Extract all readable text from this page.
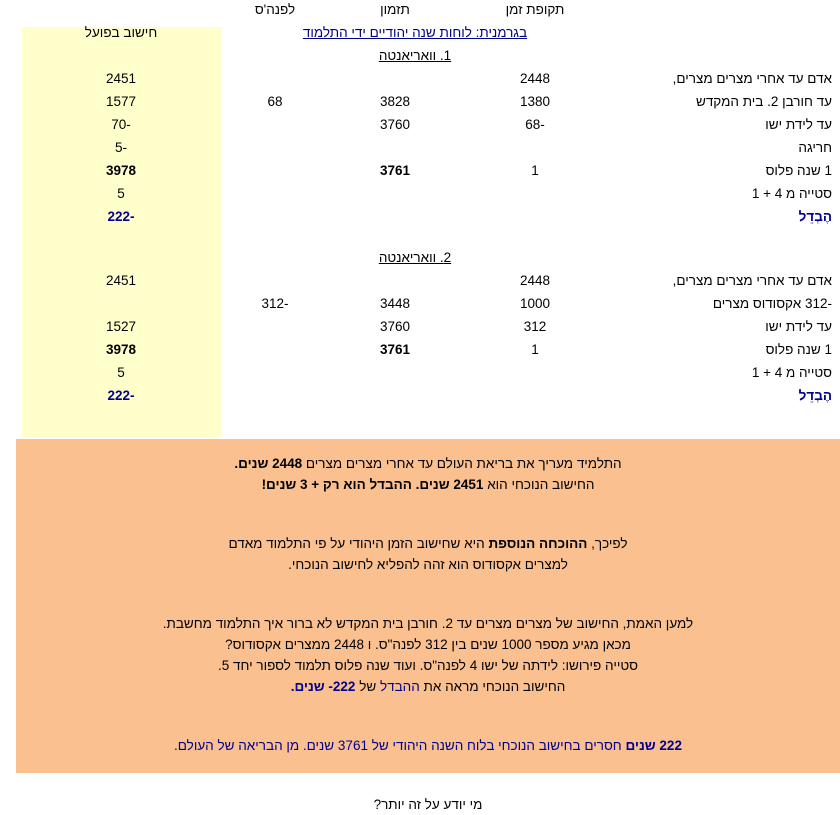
	תקופת זמן	תזמון	לפנה'ס	
	בגרמנית: לוחות שנה יהודיים ידי התלמוד			חישוב בפועל
	1. וואריאנטה			
אדם עד אחרי מצרים מצרים,	2448			2451
עד חורבן 2. בית המקדש	1380	3828	68	1577
עד לידת ישו	-68	3760		-70
חריגה				-5
1 שנה פלוס	1	3761		3978
סטייה מ 4 + 1				5
הֶבְדֵל				-222

	2. וואריאנטה			
אדם עד אחרי מצרים מצרים,	2448			2451
-312 אקסודוס מצרים	1000	3448	-312	
עד לידת ישו	312	3760		1527
1 שנה פלוס	1	3761		3978
סטייה מ 4 + 1				5
הֶבְדֵל				-222

התלמיד מעריך את בריאת העולם עד אחרי מצרים מצרים 2448 שנים.

החישוב הנוכחי הוא 2451 שנים. ההבדל הוא רק + 3 שנים!

לפיכך, ההוכחה הנוספת היא שחישוב הזמן היהודי על פי התלמוד מאדם

למצרים אקסודוס הוא זהה להפליא לחישוב הנוכחי.

למען האמת, החישוב של מצרים מצרים עד 2. חורבן בית המקדש לא ברור איך התלמוד מחשבת.

מכאן מגיע מספר 1000 שנים בין 312 לפנה"ס. ו 2448 ממצרים אקסודוס?

סטייה פירושו: לידתה של ישו 4 לפנה"ס. ועוד שנה פלוס תלמוד לספור יחד 5.

החישוב הנוכחי מראה את ההבדל של 222- שנים.

222 שנים חסרים בחישוב הנוכחי בלוח השנה היהודי של 3761 שנים. מן הבריאה של העולם.

מי יודע על זה יותר?
